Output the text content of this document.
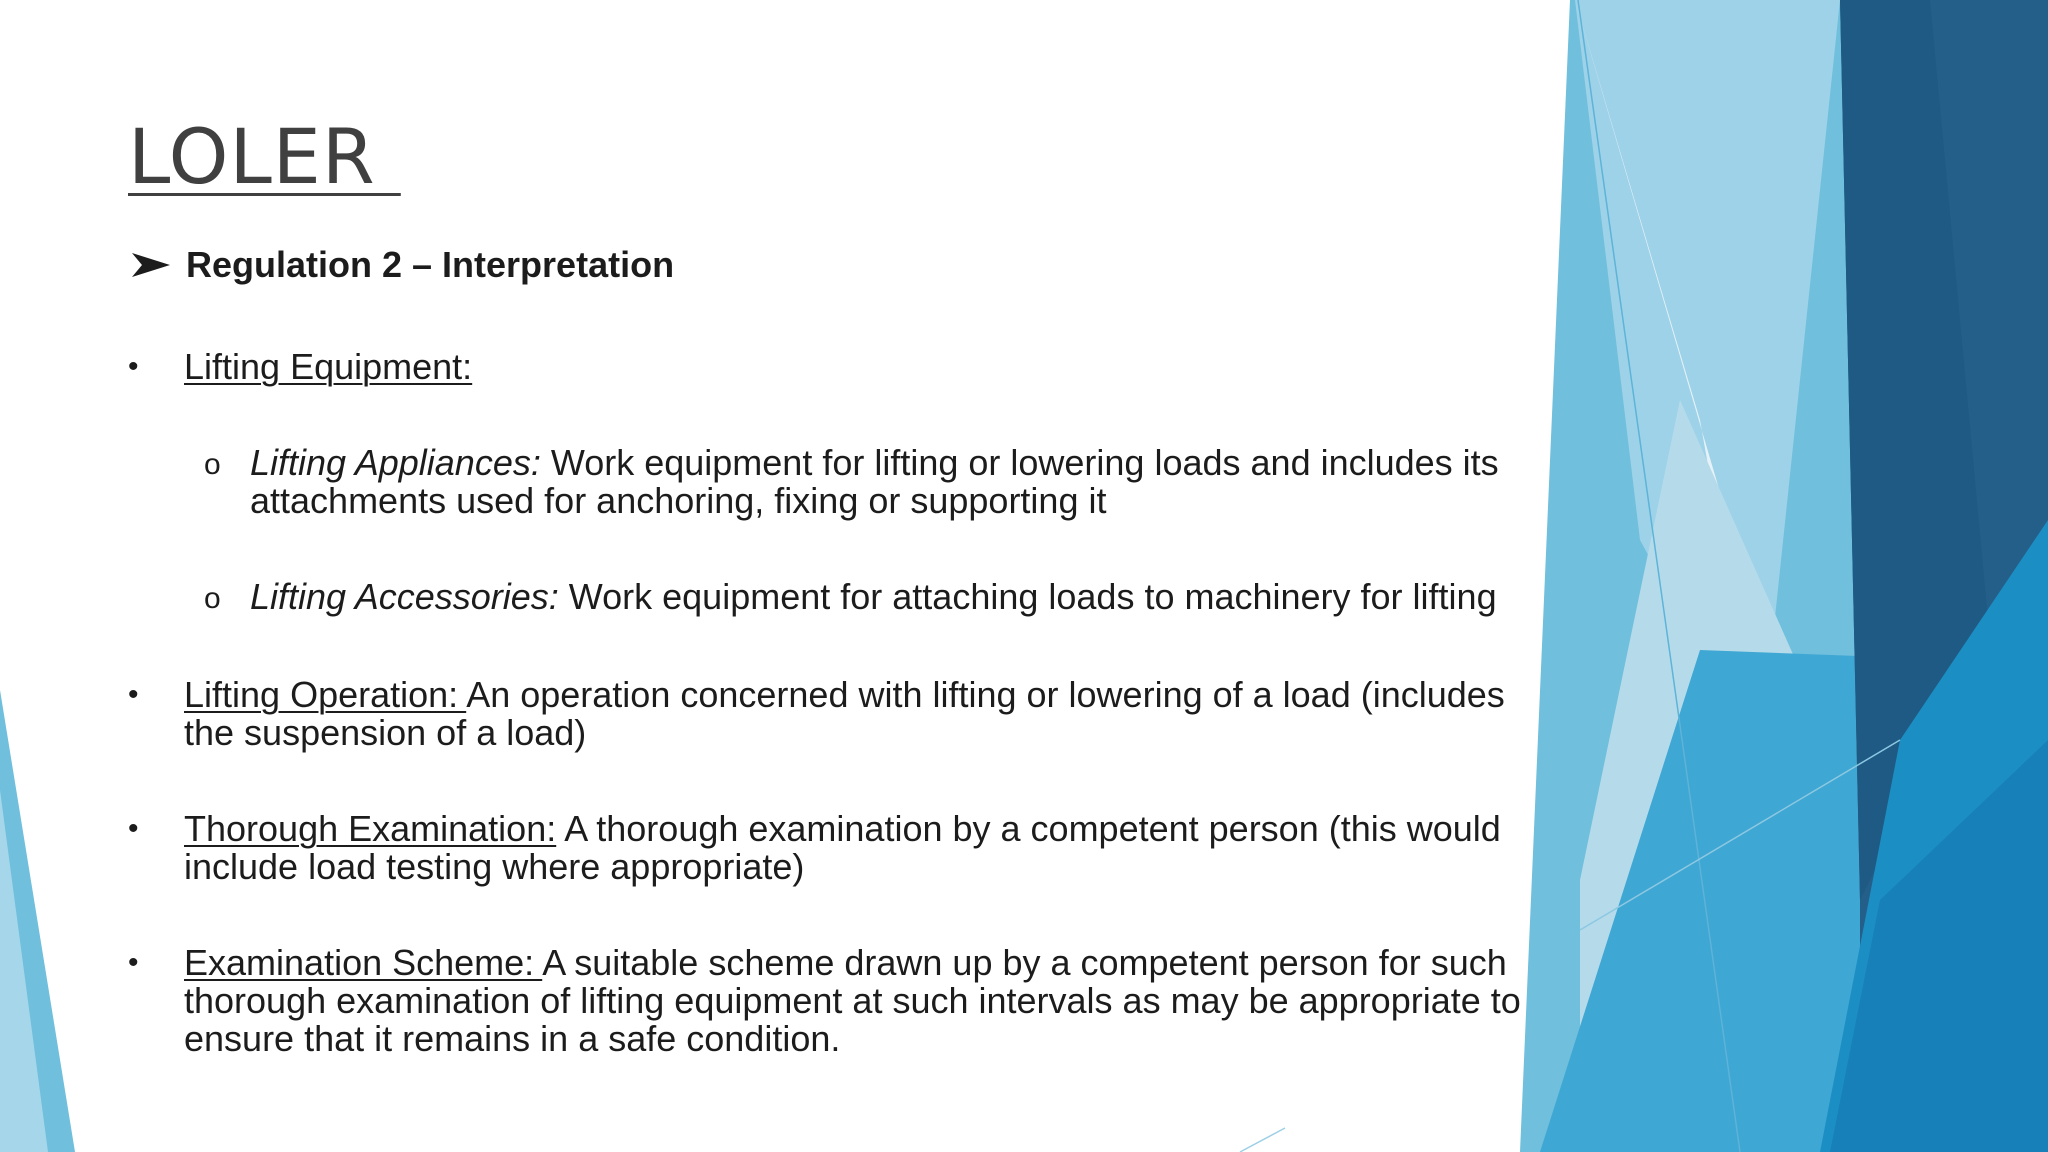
LOLER
Regulation 2 – Interpretation
• Lifting Equipment:
o Lifting Appliances: Work equipment for lifting or lowering loads and includes its
attachments used for anchoring, fixing or supporting it
o Lifting Accessories: Work equipment for attaching loads to machinery for lifting
• Lifting Operation: An operation concerned with lifting or lowering of a load (includes
the suspension of a load)
• Thorough Examination: A thorough examination by a competent person (this would
include load testing where appropriate)
• Examination Scheme: A suitable scheme drawn up by a competent person for such
thorough examination of lifting equipment at such intervals as may be appropriate to
ensure that it remains in a safe condition.
